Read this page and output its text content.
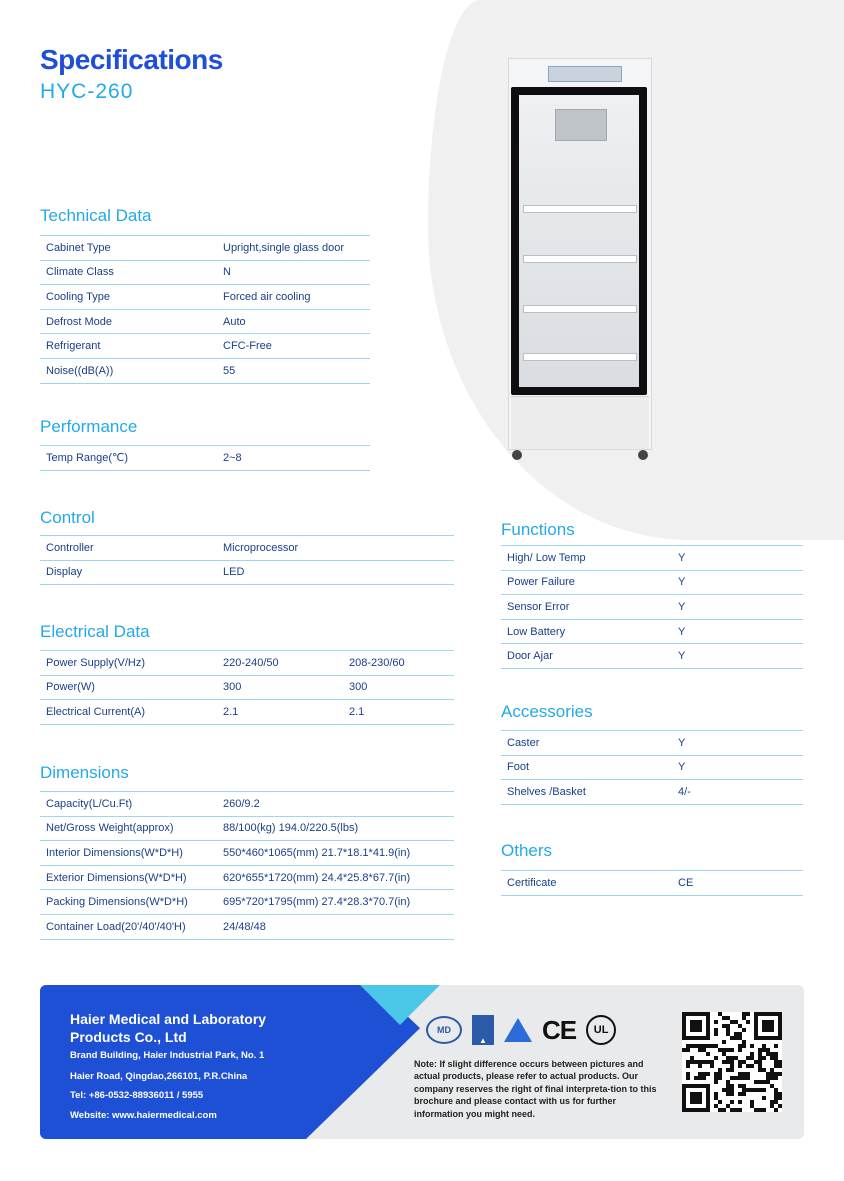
Specifications
HYC-260
Technical Data
Cabinet Type	Upright,single glass door
Climate Class	N
Cooling Type	Forced air cooling
Defrost Mode	Auto
Refrigerant	CFC-Free
Noise((dB(A))	55
Performance
Temp Range(℃)	2~8
Control
Controller	Microprocessor
Display	LED
Electrical Data
Power Supply(V/Hz)	220-240/50	208-230/60
Power(W)	300	300
Electrical Current(A)	2.1	2.1
Dimensions
Capacity(L/Cu.Ft)	260/9.2
Net/Gross Weight(approx)	88/100(kg) 194.0/220.5(lbs)
Interior Dimensions(W*D*H)	550*460*1065(mm) 21.7*18.1*41.9(in)
Exterior Dimensions(W*D*H)	620*655*1720(mm) 24.4*25.8*67.7(in)
Packing Dimensions(W*D*H)	695*720*1795(mm) 27.4*28.3*70.7(in)
Container Load(20'/40'/40'H)	24/48/48
Functions
High/ Low Temp	Y
Power Failure	Y
Sensor Error	Y
Low Battery	Y
Door Ajar	Y
Accessories
Caster	Y
Foot	Y
Shelves /Basket	4/-
Others
Certificate	CE
Haier Medical and Laboratory Products Co., Ltd
Brand Building, Haier Industrial Park, No. 1
Haier Road, Qingdao,266101, P.R.China
Tel: +86-0532-88936011 / 5955
Website: www.haiermedical.com
MD
▲ CE	UL
Note: If slight difference occurs between pictures and actual products, please refer to actual products. Our company reserves the right of final interpreta-tion to this brochure and please contact with us for further information you might need.
